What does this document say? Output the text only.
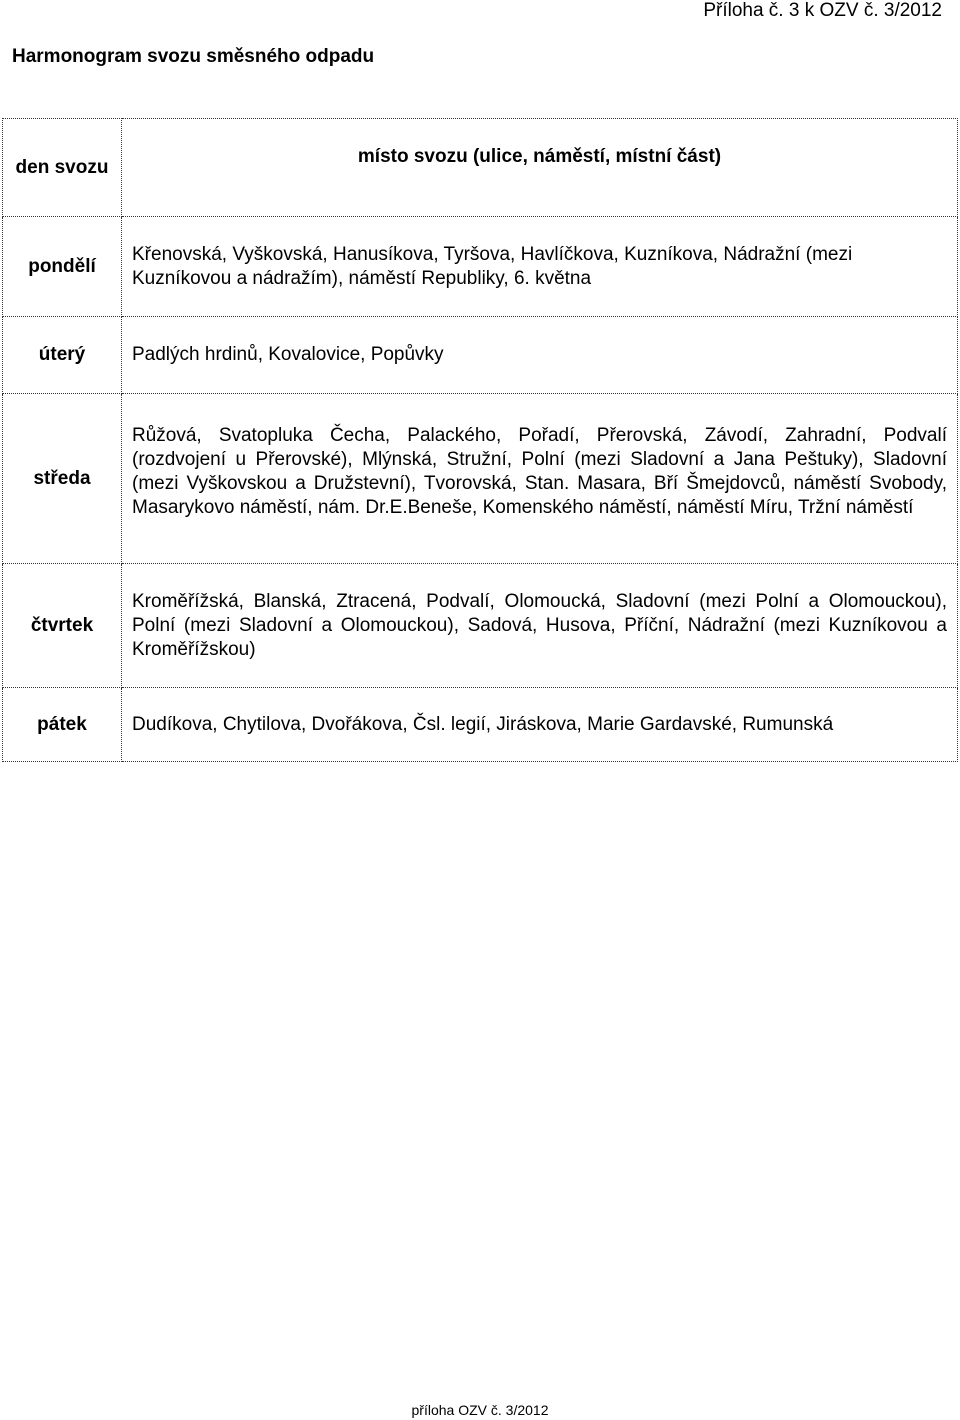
Příloha č. 3 k OZV č. 3/2012
Harmonogram svozu směsného odpadu
den svozu	místo svozu (ulice, náměstí, místní část)
pondělí	Křenovská, Vyškovská, Hanusíkova, Tyršova, Havlíčkova, Kuzníkova, Nádražní (mezi Kuzníkovou a nádražím), náměstí Republiky, 6. května
úterý	Padlých hrdinů, Kovalovice, Popůvky
středa	Růžová, Svatopluka Čecha, Palackého, Pořadí, Přerovská, Závodí, Zahradní, Podvalí (rozdvojení u Přerovské), Mlýnská, Stružní, Polní (mezi Sladovní a Jana Peštuky), Sladovní (mezi Vyškovskou a Družstevní), Tvorovská, Stan. Masara, Bří Šmejdovců, náměstí Svobody, Masarykovo náměstí, nám. Dr.E.Beneše, Komenského náměstí, náměstí Míru, Tržní náměstí
čtvrtek	Kroměřížská, Blanská, Ztracená, Podvalí, Olomoucká, Sladovní (mezi Polní a Olomouckou), Polní (mezi Sladovní a Olomouckou), Sadová, Husova, Příční, Nádražní (mezi Kuzníkovou a Kroměřížskou)
pátek	Dudíkova, Chytilova, Dvořákova, Čsl. legií, Jiráskova, Marie Gardavské, Rumunská
příloha OZV č. 3/2012
